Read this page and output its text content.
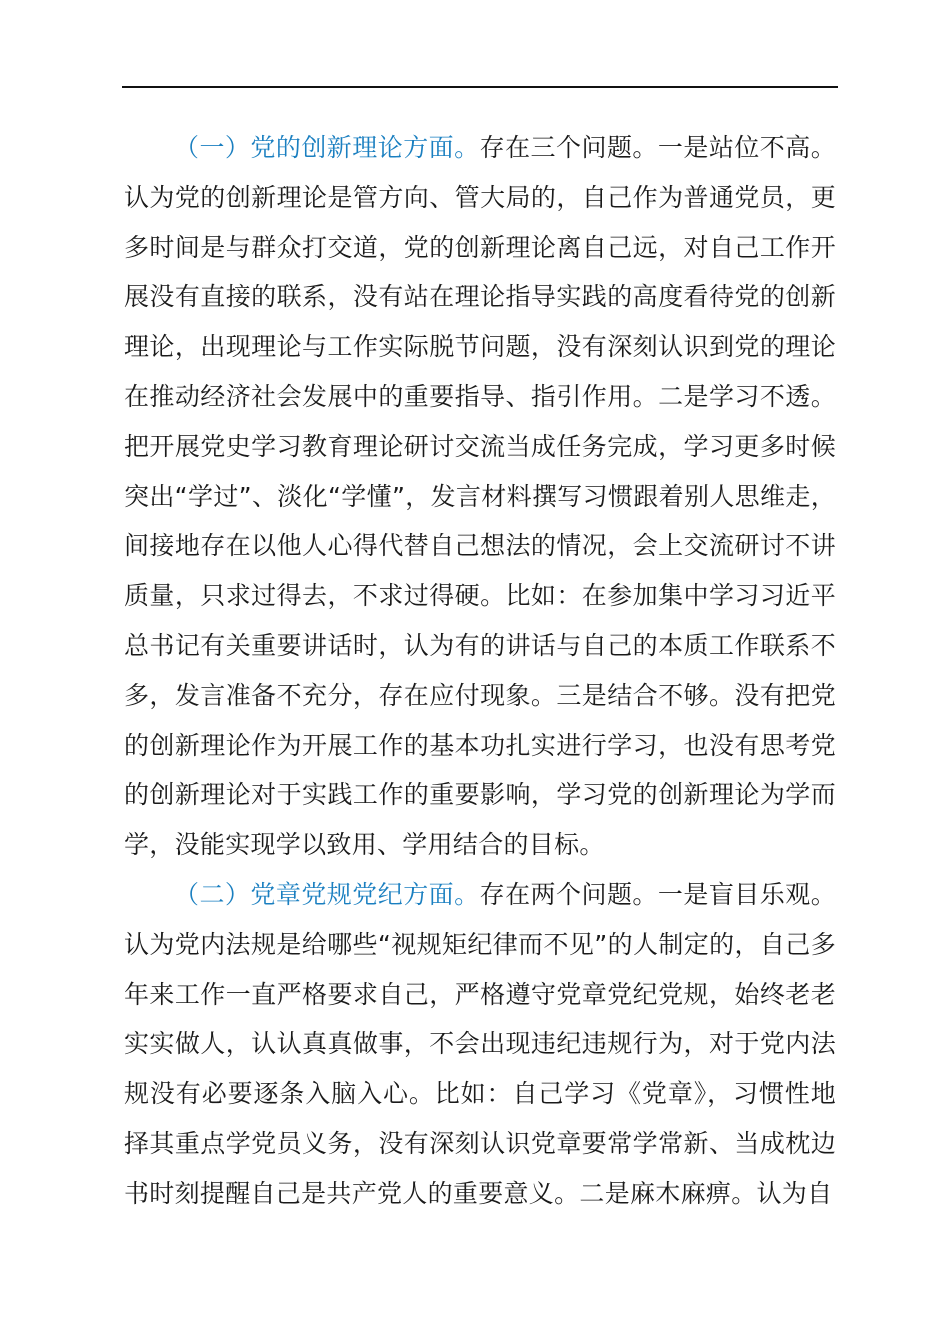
（一）党的创新理论方面。存在三个问题。一是站位不高。认为党的创新理论是管方向、管大局的，自己作为普通党员，更多时间是与群众打交道，党的创新理论离自己远，对自己工作开展没有直接的联系，没有站在理论指导实践的高度看待党的创新理论，出现理论与工作实际脱节问题，没有深刻认识到党的理论在推动经济社会发展中的重要指导、指引作用。二是学习不透。把开展党史学习教育理论研讨交流当成任务完成，学习更多时候突出“学过”、淡化“学懂”，发言材料撰写习惯跟着别人思维走，间接地存在以他人心得代替自己想法的情况，会上交流研讨不讲质量，只求过得去，不求过得硬。比如：在参加集中学习习近平总书记有关重要讲话时，认为有的讲话与自己的本质工作联系不多，发言准备不充分，存在应付现象。三是结合不够。没有把党的创新理论作为开展工作的基本功扎实进行学习，也没有思考党的创新理论对于实践工作的重要影响，学习党的创新理论为学而学，没能实现学以致用、学用结合的目标。

（二）党章党规党纪方面。存在两个问题。一是盲目乐观。认为党内法规是给哪些“视规矩纪律而不见”的人制定的，自己多年来工作一直严格要求自己，严格遵守党章党纪党规，始终老老实实做人，认认真真做事，不会出现违纪违规行为，对于党内法规没有必要逐条入脑入心。比如：自己学习《党章》，习惯性地择其重点学党员义务，没有深刻认识党章要常学常新、当成枕边书时刻提醒自己是共产党人的重要意义。二是麻木麻痹。认为自
